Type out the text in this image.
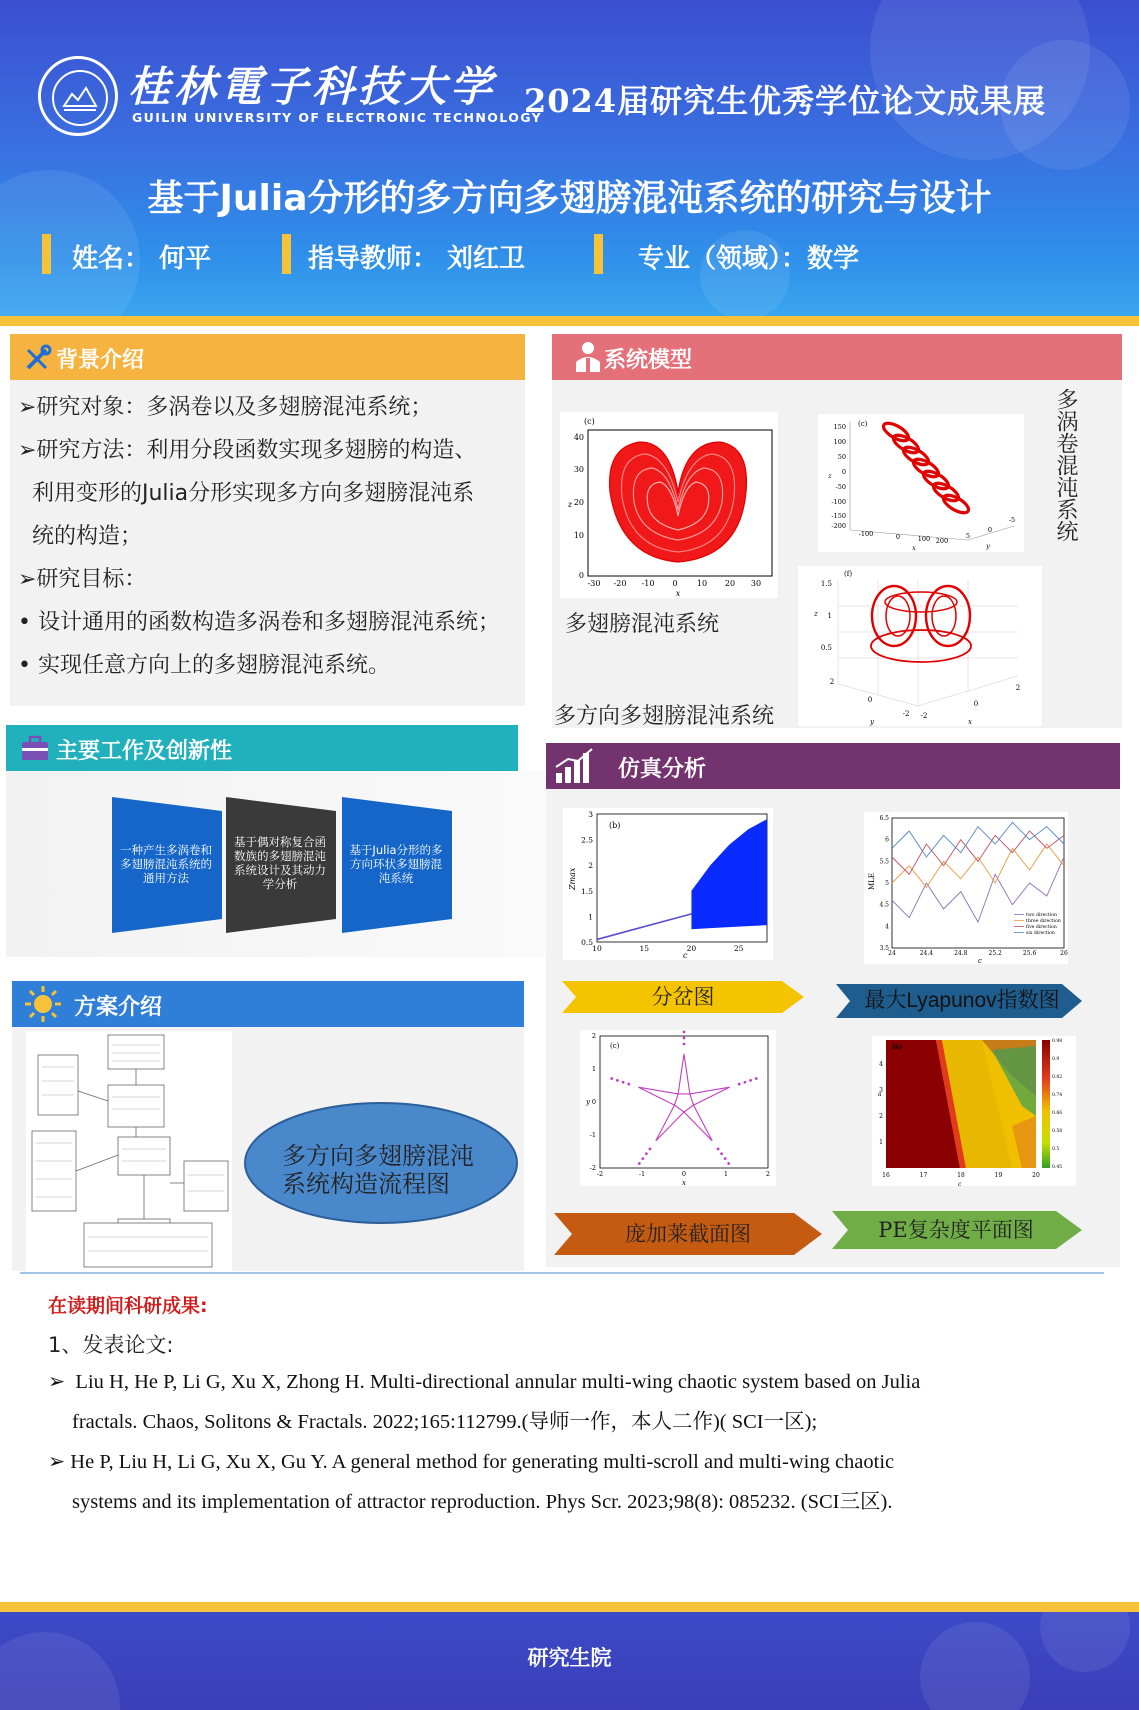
桂林電子科技大学
GUILIN UNIVERSITY OF ELECTRONIC TECHNOLOGY
2024届研究生优秀学位论文成果展
基于Julia分形的多方向多翅膀混沌系统的研究与设计
姓名： 何平	指导教师： 刘红卫	专业（领域）：数学
背景介绍
➢研究对象：多涡卷以及多翅膀混沌系统；
➢研究方法：利用分段函数实现多翅膀的构造、
利用变形的Julia分形实现多方向多翅膀混沌系
统的构造；
➢研究目标：
• 设计通用的函数构造多涡卷和多翅膀混沌系统；
• 实现任意方向上的多翅膀混沌系统。
系统模型
(c)
40
30
20
10
0
-30 -20 -10 0 10 20 30
x
z
多翅膀混沌系统
(c)
150
100
50
0
-50
-100
-150
-200
-100	0	100 200
5
0
-5
x	y
z
(f)
1.5
1
0.5
2
0
-2 -2
0
2
y	x
z
多方向多翅膀混沌系统
多涡卷混沌系统
主要工作及创新性
一种产生多涡卷和多翅膀混沌系统的通用方法
基于偶对称复合函数族的多翅膀混沌系统设计及其动力学分析
基于Julia分形的多方向环状多翅膀混沌系统
方案介绍
多方向多翅膀混沌系统构造流程图
仿真分析
(b)
c
Zmax
10	15	20	25
0.5
1
1.5
2
2.5
3
c
MLE
24	24.4	24.8	25.2	25.6	26
3.5
4
4.5
5
5.5
6
6.5
two direction
three direction
five direction
six direction
(c)
x
y
-2	-1	0	1	2
-2
-1
0
1
2
(b)
c
a
16	17	18	19	20
1
2
3
4
0.98
0.9
0.82
0.74
0.66
0.58
0.5
0.45
分岔图	最大Lyapunov指数图
庞加莱截面图	PE复杂度平面图
在读期间科研成果:
1、发表论文:
➢  Liu H, He P, Li G, Xu X, Zhong H. Multi-directional annular multi-wing chaotic system based on Julia
fractals. Chaos, Solitons & Fractals. 2022;165:112799.(导师一作，本人二作)( SCI一区);
➢ He P, Liu H, Li G, Xu X, Gu Y. A general method for generating multi-scroll and multi-wing chaotic
systems and its implementation of attractor reproduction. Phys Scr. 2023;98(8): 085232. (SCI三区).
研究生院
